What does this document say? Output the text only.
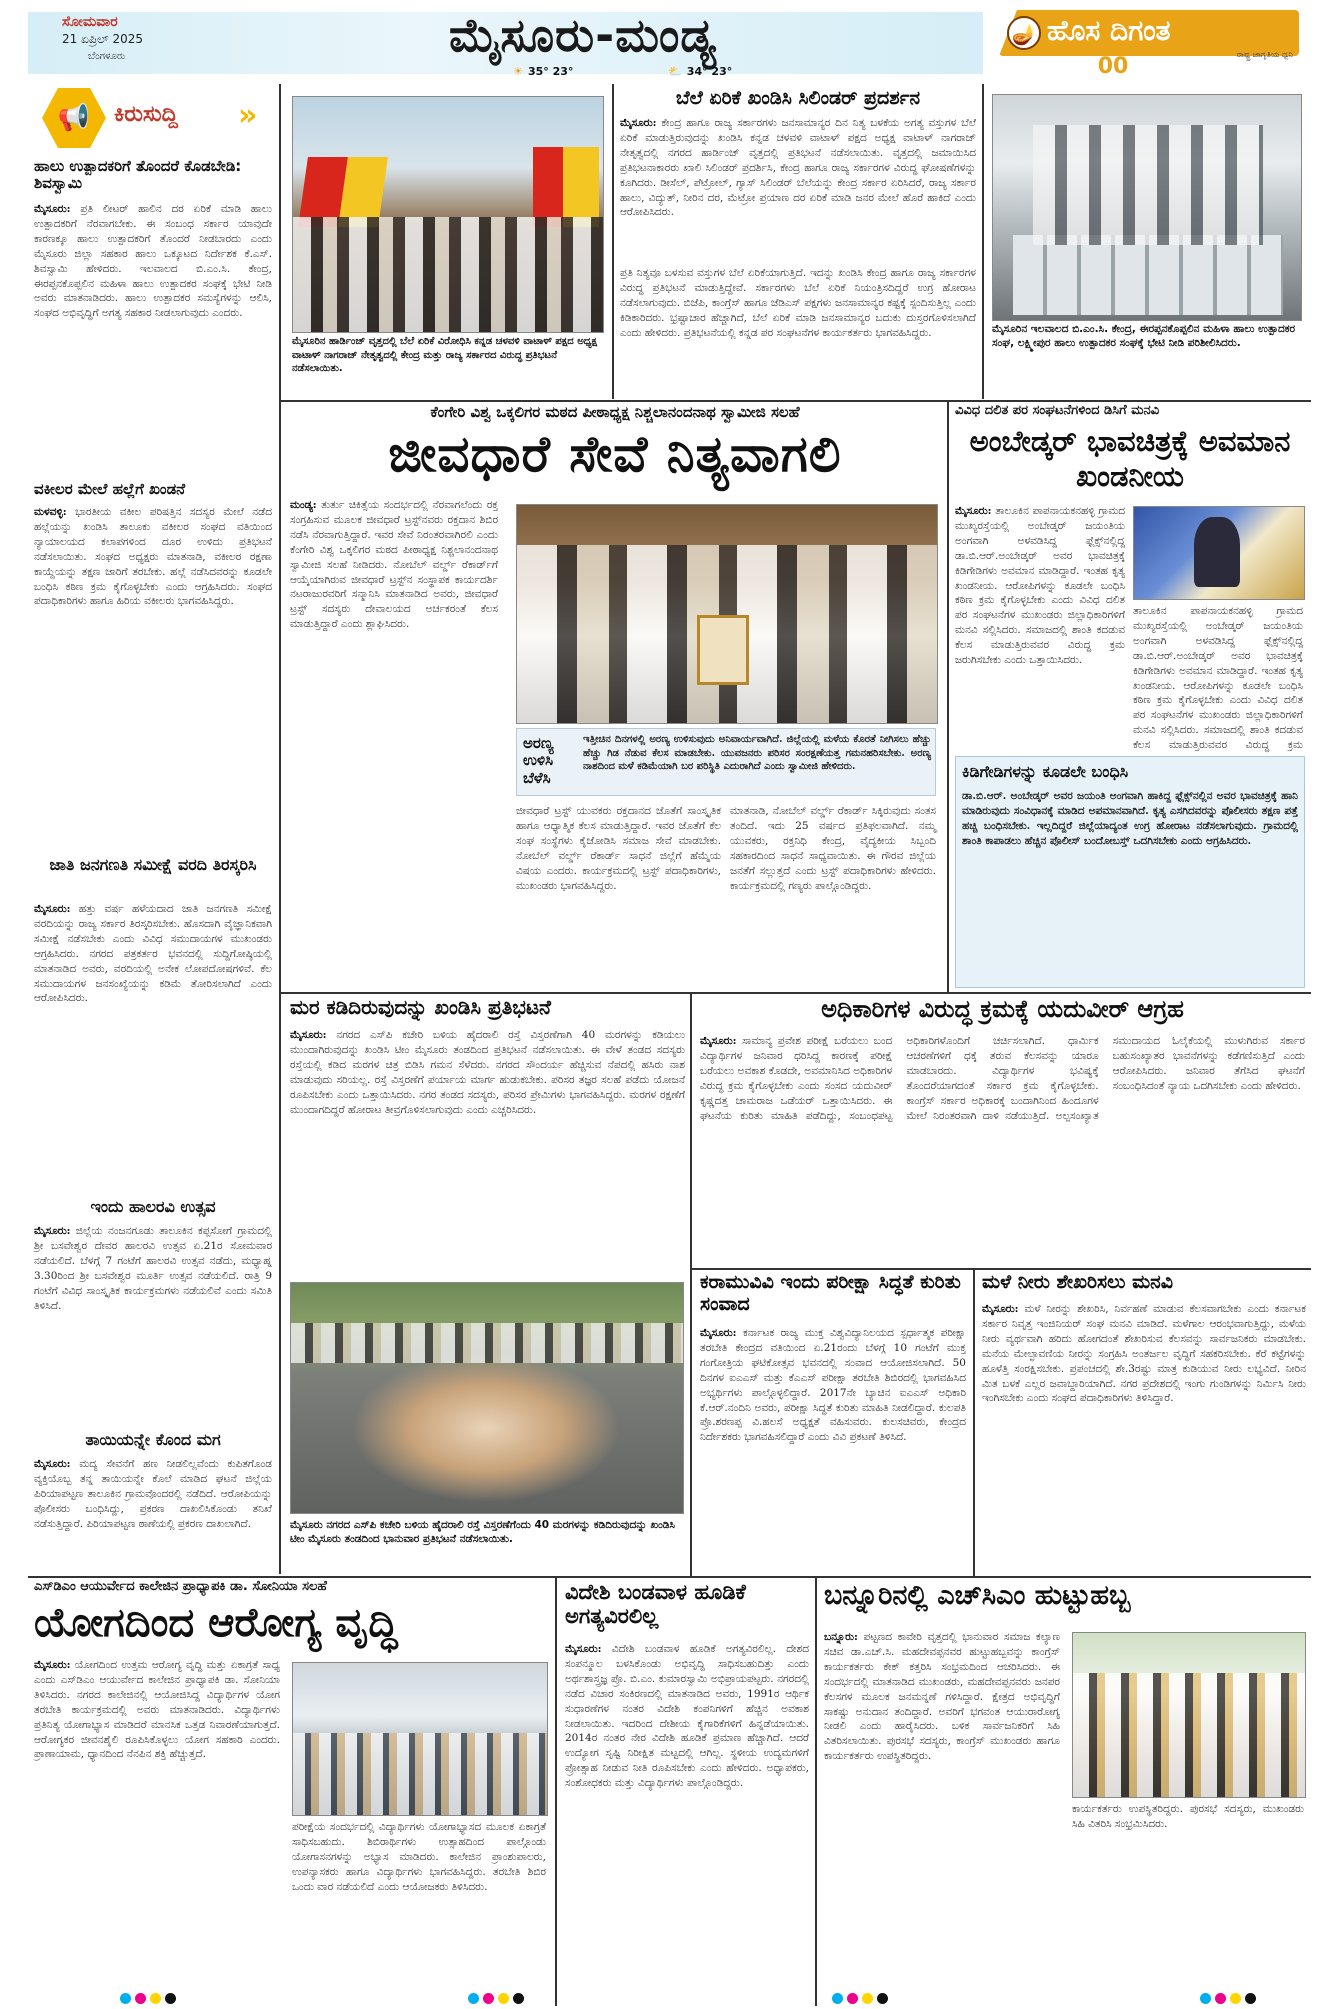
ಸೋಮವಾರ
21 ಏಪ್ರಿಲ್ 2025
ಬೆಂಗಳೂರು	ಮೈಸೂರು-ಮಂಡ್ಯ
☀ 35° 23°	⛅ 34° 23°
🪔 ಹೊಸ ದಿಗಂತ
ರಾಷ್ಟ್ರ ಜಾಗೃತಿಯ ಧ್ವನಿ
00
📢 ಕಿರುಸುದ್ದಿ	»
ಹಾಲು ಉತ್ಪಾದಕರಿಗೆ ತೊಂದರೆ ಕೊಡಬೇಡಿ: ಶಿವಸ್ವಾಮಿ
ಮೈಸೂರು: ಪ್ರತಿ ಲೀಟರ್ ಹಾಲಿನ ದರ ಏರಿಕೆ ಮಾಡಿ ಹಾಲು ಉತ್ಪಾದಕರಿಗೆ ನೆರವಾಗಬೇಕು. ಈ ಸಂಬಂಧ ಸರ್ಕಾರ ಯಾವುದೇ ಕಾರಣಕ್ಕೂ ಹಾಲು ಉತ್ಪಾದಕರಿಗೆ ತೊಂದರೆ ನೀಡಬಾರದು ಎಂದು ಮೈಸೂರು ಜಿಲ್ಲಾ ಸಹಕಾರ ಹಾಲು ಒಕ್ಕೂಟದ ನಿರ್ದೇಶಕ ಕೆ.ಎಸ್. ಶಿವಸ್ವಾಮಿ ಹೇಳಿದರು. ಇಲವಾಲದ ಬಿ.ಎಂ.ಸಿ. ಕೇಂದ್ರ, ಈರಪ್ಪನಕೊಪ್ಪಲಿನ ಮಹಿಳಾ ಹಾಲು ಉತ್ಪಾದಕರ ಸಂಘಕ್ಕೆ ಭೇಟಿ ನೀಡಿ ಅವರು ಮಾತನಾಡಿದರು. ಹಾಲು ಉತ್ಪಾದಕರ ಸಮಸ್ಯೆಗಳನ್ನು ಆಲಿಸಿ, ಸಂಘದ ಅಭಿವೃದ್ಧಿಗೆ ಅಗತ್ಯ ಸಹಕಾರ ನೀಡಲಾಗುವುದು ಎಂದರು.
ವಕೀಲರ ಮೇಲೆ ಹಲ್ಲೆಗೆ ಖಂಡನೆ
ಮಳವಳ್ಳಿ: ಭಾರತೀಯ ವಕೀಲ ಪರಿಷತ್ತಿನ ಸದಸ್ಯರ ಮೇಲೆ ನಡೆದ ಹಲ್ಲೆಯನ್ನು ಖಂಡಿಸಿ ತಾಲೂಕು ವಕೀಲರ ಸಂಘದ ವತಿಯಿಂದ ನ್ಯಾಯಾಲಯದ ಕಲಾಪಗಳಿಂದ ದೂರ ಉಳಿದು ಪ್ರತಿಭಟನೆ ನಡೆಸಲಾಯಿತು. ಸಂಘದ ಅಧ್ಯಕ್ಷರು ಮಾತನಾಡಿ, ವಕೀಲರ ರಕ್ಷಣಾ ಕಾಯ್ದೆಯನ್ನು ತಕ್ಷಣ ಜಾರಿಗೆ ತರಬೇಕು. ಹಲ್ಲೆ ನಡೆಸಿದವರನ್ನು ಕೂಡಲೇ ಬಂಧಿಸಿ ಕಠಿಣ ಕ್ರಮ ಕೈಗೊಳ್ಳಬೇಕು ಎಂದು ಆಗ್ರಹಿಸಿದರು. ಸಂಘದ ಪದಾಧಿಕಾರಿಗಳು ಹಾಗೂ ಹಿರಿಯ ವಕೀಲರು ಭಾಗವಹಿಸಿದ್ದರು.
ಜಾತಿ ಜನಗಣತಿ ಸಮೀಕ್ಷೆ ವರದಿ ತಿರಸ್ಕರಿಸಿ
ಮೈಸೂರು: ಹತ್ತು ವರ್ಷ ಹಳೆಯದಾದ ಜಾತಿ ಜನಗಣತಿ ಸಮೀಕ್ಷೆ ವರದಿಯನ್ನು ರಾಜ್ಯ ಸರ್ಕಾರ ತಿರಸ್ಕರಿಸಬೇಕು. ಹೊಸದಾಗಿ ವೈಜ್ಞಾನಿಕವಾಗಿ ಸಮೀಕ್ಷೆ ನಡೆಸಬೇಕು ಎಂದು ವಿವಿಧ ಸಮುದಾಯಗಳ ಮುಖಂಡರು ಆಗ್ರಹಿಸಿದರು. ನಗರದ ಪತ್ರಕರ್ತರ ಭವನದಲ್ಲಿ ಸುದ್ದಿಗೋಷ್ಠಿಯಲ್ಲಿ ಮಾತನಾಡಿದ ಅವರು, ವರದಿಯಲ್ಲಿ ಅನೇಕ ಲೋಪದೋಷಗಳಿವೆ. ಕೆಲ ಸಮುದಾಯಗಳ ಜನಸಂಖ್ಯೆಯನ್ನು ಕಡಿಮೆ ತೋರಿಸಲಾಗಿದೆ ಎಂದು ಆರೋಪಿಸಿದರು.
ಇಂದು ಹಾಲರವಿ ಉತ್ಸವ
ಮೈಸೂರು: ಜಿಲ್ಲೆಯ ನಂಜನಗೂಡು ತಾಲೂಕಿನ ಕಪ್ಪಸೋಗೆ ಗ್ರಾಮದಲ್ಲಿ ಶ್ರೀ ಬಸವೇಶ್ವರ ದೇವರ ಹಾಲರವಿ ಉತ್ಸವ ಏ.21ರ ಸೋಮವಾರ ನಡೆಯಲಿದೆ. ಬೆಳಗ್ಗೆ 7 ಗಂಟೆಗೆ ಹಾಲರವಿ ಉತ್ಸವ ನಡೆದು, ಮಧ್ಯಾಹ್ನ 3.30ರಿಂದ ಶ್ರೀ ಬಸವೇಶ್ವರ ಮೂರ್ತಿ ಉತ್ಸವ ನಡೆಯಲಿದೆ. ರಾತ್ರಿ 9 ಗಂಟೆಗೆ ವಿವಿಧ ಸಾಂಸ್ಕೃತಿಕ ಕಾರ್ಯಕ್ರಮಗಳು ನಡೆಯಲಿವೆ ಎಂದು ಸಮಿತಿ ತಿಳಿಸಿದೆ.
ತಾಯಿಯನ್ನೇ ಕೊಂದ ಮಗ
ಮೈಸೂರು: ಮದ್ಯ ಸೇವನೆಗೆ ಹಣ ನೀಡಲಿಲ್ಲವೆಂದು ಕುಪಿತಗೊಂಡ ವ್ಯಕ್ತಿಯೊಬ್ಬ ತನ್ನ ತಾಯಿಯನ್ನೇ ಕೊಲೆ ಮಾಡಿದ ಘಟನೆ ಜಿಲ್ಲೆಯ ಪಿರಿಯಾಪಟ್ಟಣ ತಾಲೂಕಿನ ಗ್ರಾಮವೊಂದರಲ್ಲಿ ನಡೆದಿದೆ. ಆರೋಪಿಯನ್ನು ಪೊಲೀಸರು ಬಂಧಿಸಿದ್ದು, ಪ್ರಕರಣ ದಾಖಲಿಸಿಕೊಂಡು ತನಿಖೆ ನಡೆಸುತ್ತಿದ್ದಾರೆ. ಪಿರಿಯಾಪಟ್ಟಣ ಠಾಣೆಯಲ್ಲಿ ಪ್ರಕರಣ ದಾಖಲಾಗಿದೆ.
ಮೈಸೂರಿನ ಹಾರ್ಡಿಂಜ್ ವೃತ್ತದಲ್ಲಿ ಬೆಲೆ ಏರಿಕೆ ವಿರೋಧಿಸಿ ಕನ್ನಡ ಚಳವಳಿ ವಾಟಾಳ್ ಪಕ್ಷದ ಅಧ್ಯಕ್ಷ ವಾಟಾಳ್ ನಾಗರಾಜ್ ನೇತೃತ್ವದಲ್ಲಿ ಕೇಂದ್ರ ಮತ್ತು ರಾಜ್ಯ ಸರ್ಕಾರದ ವಿರುದ್ಧ ಪ್ರತಿಭಟನೆ ನಡೆಸಲಾಯಿತು.
ಬೆಲೆ ಏರಿಕೆ ಖಂಡಿಸಿ ಸಿಲಿಂಡರ್ ಪ್ರದರ್ಶನ
ಮೈಸೂರು: ಕೇಂದ್ರ ಹಾಗೂ ರಾಜ್ಯ ಸರ್ಕಾರಗಳು ಜನಸಾಮಾನ್ಯರ ದಿನ ನಿತ್ಯ ಬಳಕೆಯ ಅಗತ್ಯ ವಸ್ತುಗಳ ಬೆಲೆ ಏರಿಕೆ ಮಾಡುತ್ತಿರುವುದನ್ನು ಖಂಡಿಸಿ ಕನ್ನಡ ಚಳವಳಿ ವಾಟಾಳ್ ಪಕ್ಷದ ಅಧ್ಯಕ್ಷ ವಾಟಾಳ್ ನಾಗರಾಜ್ ನೇತೃತ್ವದಲ್ಲಿ ನಗರದ ಹಾರ್ಡಿಂಜ್ ವೃತ್ತದಲ್ಲಿ ಪ್ರತಿಭಟನೆ ನಡೆಸಲಾಯಿತು. ವೃತ್ತದಲ್ಲಿ ಜಮಾಯಿಸಿದ ಪ್ರತಿಭಟನಾಕಾರರು ಖಾಲಿ ಸಿಲಿಂಡರ್ ಪ್ರದರ್ಶಿಸಿ, ಕೇಂದ್ರ ಹಾಗೂ ರಾಜ್ಯ ಸರ್ಕಾರಗಳ ವಿರುದ್ಧ ಘೋಷಣೆಗಳನ್ನು ಕೂಗಿದರು. ಡೀಸೆಲ್, ಪೆಟ್ರೋಲ್, ಗ್ಯಾಸ್ ಸಿಲಿಂಡರ್ ಬೆಲೆಯನ್ನು ಕೇಂದ್ರ ಸರ್ಕಾರ ಏರಿಸಿದರೆ, ರಾಜ್ಯ ಸರ್ಕಾರ ಹಾಲು, ವಿದ್ಯುತ್, ನೀರಿನ ದರ, ಮೆಟ್ರೋ ಪ್ರಯಾಣ ದರ ಏರಿಕೆ ಮಾಡಿ ಜನರ ಮೇಲೆ ಹೊರೆ ಹಾಕಿದೆ ಎಂದು ಆರೋಪಿಸಿದರು.
ಪ್ರತಿ ನಿತ್ಯವೂ ಬಳಸುವ ವಸ್ತುಗಳ ಬೆಲೆ ಏರಿಕೆಯಾಗುತ್ತಿದೆ. ಇದನ್ನು ಖಂಡಿಸಿ ಕೇಂದ್ರ ಹಾಗೂ ರಾಜ್ಯ ಸರ್ಕಾರಗಳ ವಿರುದ್ಧ ಪ್ರತಿಭಟನೆ ಮಾಡುತ್ತಿದ್ದೇವೆ. ಸರ್ಕಾರಗಳು ಬೆಲೆ ಏರಿಕೆ ನಿಯಂತ್ರಿಸದಿದ್ದರೆ ಉಗ್ರ ಹೋರಾಟ ನಡೆಸಲಾಗುವುದು. ಬಿಜೆಪಿ, ಕಾಂಗ್ರೆಸ್ ಹಾಗೂ ಜೆಡಿಎಸ್ ಪಕ್ಷಗಳು ಜನಸಾಮಾನ್ಯರ ಕಷ್ಟಕ್ಕೆ ಸ್ಪಂದಿಸುತ್ತಿಲ್ಲ ಎಂದು ಕಿಡಿಕಾರಿದರು. ಭ್ರಷ್ಟಾಚಾರ ಹೆಚ್ಚಾಗಿದೆ, ಬೆಲೆ ಏರಿಕೆ ಮಾಡಿ ಜನಸಾಮಾನ್ಯರ ಬದುಕು ದುಸ್ತರಗೊಳಿಸಲಾಗಿದೆ ಎಂದು ಹೇಳಿದರು. ಪ್ರತಿಭಟನೆಯಲ್ಲಿ ಕನ್ನಡ ಪರ ಸಂಘಟನೆಗಳ ಕಾರ್ಯಕರ್ತರು ಭಾಗವಹಿಸಿದ್ದರು.	ಮೈಸೂರಿನ ಇಲವಾಲದ ಬಿ.ಎಂ.ಸಿ. ಕೇಂದ್ರ, ಈರಪ್ಪನಕೊಪ್ಪಲಿನ ಮಹಿಳಾ ಹಾಲು ಉತ್ಪಾದಕರ ಸಂಘ, ಲಕ್ಷ್ಮೀಪುರ ಹಾಲು ಉತ್ಪಾದಕರ ಸಂಘಕ್ಕೆ ಭೇಟಿ ನೀಡಿ ಪರಿಶೀಲಿಸಿದರು.
ಕೆಂಗೇರಿ ವಿಶ್ವ ಒಕ್ಕಲಿಗರ ಮಠದ ಪೀಠಾಧ್ಯಕ್ಷ ನಿಶ್ಚಲಾನಂದನಾಥ ಸ್ವಾಮೀಜಿ ಸಲಹೆ
ಜೀವಧಾರೆ ಸೇವೆ ನಿತ್ಯವಾಗಲಿ
ಮಂಡ್ಯ: ತುರ್ತು ಚಿಕಿತ್ಸೆಯ ಸಂದರ್ಭದಲ್ಲಿ ನೆರವಾಗಲೆಂದು ರಕ್ತ ಸಂಗ್ರಹಿಸುವ ಮೂಲಕ ಜೀವಧಾರೆ ಟ್ರಸ್ಟ್‌ನವರು ರಕ್ತದಾನ ಶಿಬಿರ ನಡೆಸಿ ನೆರವಾಗುತ್ತಿದ್ದಾರೆ. ಇವರ ಸೇವೆ ನಿರಂತರವಾಗಿರಲಿ ಎಂದು ಕೆಂಗೇರಿ ವಿಶ್ವ ಒಕ್ಕಲಿಗರ ಮಠದ ಪೀಠಾಧ್ಯಕ್ಷ ನಿಶ್ಚಲಾನಂದನಾಥ ಸ್ವಾಮೀಜಿ ಸಲಹೆ ನೀಡಿದರು. ನೋಬೆಲ್ ವರ್ಲ್ಡ್ ರೆಕಾರ್ಡ್‌ಗೆ ಆಯ್ಕೆಯಾಗಿರುವ ಜೀವಧಾರೆ ಟ್ರಸ್ಟ್‌ನ ಸಂಸ್ಥಾಪಕ ಕಾರ್ಯದರ್ಶಿ ನಟರಾಜುರವರಿಗೆ ಸನ್ಮಾನಿಸಿ ಮಾತನಾಡಿದ ಅವರು, ಜೀವಧಾರೆ ಟ್ರಸ್ಟ್ ಸದಸ್ಯರು ದೇವಾಲಯದ ಅರ್ಚಕರಂತೆ ಕೆಲಸ ಮಾಡುತ್ತಿದ್ದಾರೆ ಎಂದು ಶ್ಲಾಘಿಸಿದರು.
ಅರಣ್ಯ ಉಳಿಸಿ ಬೆಳೆಸಿ
ಇತ್ತೀಚಿನ ದಿನಗಳಲ್ಲಿ ಅರಣ್ಯ ಉಳಿಸುವುದು ಅನಿವಾರ್ಯವಾಗಿದೆ. ಜಿಲ್ಲೆಯಲ್ಲಿ ಮಳೆಯ ಕೊರತೆ ನೀಗಿಸಲು ಹೆಚ್ಚು ಹೆಚ್ಚು ಗಿಡ ನೆಡುವ ಕೆಲಸ ಮಾಡಬೇಕು. ಯುವಜನರು ಪರಿಸರ ಸಂರಕ್ಷಣೆಯತ್ತ ಗಮನಹರಿಸಬೇಕು. ಅರಣ್ಯ ನಾಶದಿಂದ ಮಳೆ ಕಡಿಮೆಯಾಗಿ ಬರ ಪರಿಸ್ಥಿತಿ ಎದುರಾಗಿದೆ ಎಂದು ಸ್ವಾಮೀಜಿ ಹೇಳಿದರು.
ಜೀವಧಾರೆ ಟ್ರಸ್ಟ್ ಯುವಕರು ರಕ್ತದಾನದ ಜೊತೆಗೆ ಸಾಂಸ್ಕೃತಿಕ ಹಾಗೂ ಆಧ್ಯಾತ್ಮಿಕ ಕೆಲಸ ಮಾಡುತ್ತಿದ್ದಾರೆ. ಇವರ ಜೊತೆಗೆ ಕೆಲ ಸಂಘ ಸಂಸ್ಥೆಗಳು ಕೈಜೋಡಿಸಿ ಸಮಾಜ ಸೇವೆ ಮಾಡಬೇಕು. ನೋಬೆಲ್ ವರ್ಲ್ಡ್ ರೆಕಾರ್ಡ್ ಸಾಧನೆ ಜಿಲ್ಲೆಗೆ ಹೆಮ್ಮೆಯ ವಿಷಯ ಎಂದರು. ಕಾರ್ಯಕ್ರಮದಲ್ಲಿ ಟ್ರಸ್ಟ್ ಪದಾಧಿಕಾರಿಗಳು, ಮುಖಂಡರು ಭಾಗವಹಿಸಿದ್ದರು.
ಮಾತನಾಡಿ, ನೋಬೆಲ್ ವರ್ಲ್ಡ್ ರೆಕಾರ್ಡ್ ಸಿಕ್ಕಿರುವುದು ಸಂತಸ ತಂದಿದೆ. ಇದು 25 ವರ್ಷದ ಪ್ರತಿಫಲವಾಗಿದೆ. ನಮ್ಮ ಯುವಕರು, ರಕ್ತನಿಧಿ ಕೇಂದ್ರ, ವೈದ್ಯಕೀಯ ಸಿಬ್ಬಂದಿ ಸಹಕಾರದಿಂದ ಸಾಧನೆ ಸಾಧ್ಯವಾಯಿತು. ಈ ಗೌರವ ಜಿಲ್ಲೆಯ ಜನತೆಗೆ ಸಲ್ಲುತ್ತದೆ ಎಂದು ಟ್ರಸ್ಟ್ ಪದಾಧಿಕಾರಿಗಳು ಹೇಳಿದರು. ಕಾರ್ಯಕ್ರಮದಲ್ಲಿ ಗಣ್ಯರು ಪಾಲ್ಗೊಂಡಿದ್ದರು.
ವಿವಿಧ ದಲಿತ ಪರ ಸಂಘಟನೆಗಳಿಂದ ಡಿಸಿಗೆ ಮನವಿ
ಅಂಬೇಡ್ಕರ್ ಭಾವಚಿತ್ರಕ್ಕೆ ಅವಮಾನ ಖಂಡನೀಯ
ಮೈಸೂರು: ತಾಲೂಕಿನ ಪಾಪನಾಯಕನಹಳ್ಳಿ ಗ್ರಾಮದ ಮುಖ್ಯರಸ್ತೆಯಲ್ಲಿ ಅಂಬೇಡ್ಕರ್ ಜಯಂತಿಯ ಅಂಗವಾಗಿ ಅಳವಡಿಸಿದ್ದ ಫ್ಲೆಕ್ಸ್‌ನಲ್ಲಿದ್ದ ಡಾ.ಬಿ.ಆರ್.ಅಂಬೇಡ್ಕರ್ ಅವರ ಭಾವಚಿತ್ರಕ್ಕೆ ಕಿಡಿಗೇಡಿಗಳು ಅವಮಾನ ಮಾಡಿದ್ದಾರೆ. ಇಂತಹ ಕೃತ್ಯ ಖಂಡನೀಯ. ಆರೋಪಿಗಳನ್ನು ಕೂಡಲೇ ಬಂಧಿಸಿ ಕಠಿಣ ಕ್ರಮ ಕೈಗೊಳ್ಳಬೇಕು ಎಂದು ವಿವಿಧ ದಲಿತ ಪರ ಸಂಘಟನೆಗಳ ಮುಖಂಡರು ಜಿಲ್ಲಾಧಿಕಾರಿಗಳಿಗೆ ಮನವಿ ಸಲ್ಲಿಸಿದರು. ಸಮಾಜದಲ್ಲಿ ಶಾಂತಿ ಕದಡುವ ಕೆಲಸ ಮಾಡುತ್ತಿರುವವರ ವಿರುದ್ಧ ಕ್ರಮ ಜರುಗಿಸಬೇಕು ಎಂದು ಒತ್ತಾಯಿಸಿದರು.
ತಾಲೂಕಿನ ಪಾಪನಾಯಕನಹಳ್ಳಿ ಗ್ರಾಮದ ಮುಖ್ಯರಸ್ತೆಯಲ್ಲಿ ಅಂಬೇಡ್ಕರ್ ಜಯಂತಿಯ ಅಂಗವಾಗಿ ಅಳವಡಿಸಿದ್ದ ಫ್ಲೆಕ್ಸ್‌ನಲ್ಲಿದ್ದ ಡಾ.ಬಿ.ಆರ್.ಅಂಬೇಡ್ಕರ್ ಅವರ ಭಾವಚಿತ್ರಕ್ಕೆ ಕಿಡಿಗೇಡಿಗಳು ಅವಮಾನ ಮಾಡಿದ್ದಾರೆ. ಇಂತಹ ಕೃತ್ಯ ಖಂಡನೀಯ. ಆರೋಪಿಗಳನ್ನು ಕೂಡಲೇ ಬಂಧಿಸಿ ಕಠಿಣ ಕ್ರಮ ಕೈಗೊಳ್ಳಬೇಕು ಎಂದು ವಿವಿಧ ದಲಿತ ಪರ ಸಂಘಟನೆಗಳ ಮುಖಂಡರು ಜಿಲ್ಲಾಧಿಕಾರಿಗಳಿಗೆ ಮನವಿ ಸಲ್ಲಿಸಿದರು. ಸಮಾಜದಲ್ಲಿ ಶಾಂತಿ ಕದಡುವ ಕೆಲಸ ಮಾಡುತ್ತಿರುವವರ ವಿರುದ್ಧ ಕ್ರಮ
ಕಿಡಿಗೇಡಿಗಳನ್ನು ಕೂಡಲೇ ಬಂಧಿಸಿ
ಡಾ.ಬಿ.ಆರ್. ಅಂಬೇಡ್ಕರ್ ಅವರ ಜಯಂತಿ ಅಂಗವಾಗಿ ಹಾಕಿದ್ದ ಫ್ಲೆಕ್ಸ್‌ನಲ್ಲಿನ ಅವರ ಭಾವಚಿತ್ರಕ್ಕೆ ಹಾನಿ ಮಾಡಿರುವುದು ಸಂವಿಧಾನಕ್ಕೆ ಮಾಡಿದ ಅಪಮಾನವಾಗಿದೆ. ಕೃತ್ಯ ಎಸಗಿದವರನ್ನು ಪೊಲೀಸರು ತಕ್ಷಣ ಪತ್ತೆ ಹಚ್ಚಿ ಬಂಧಿಸಬೇಕು. ಇಲ್ಲದಿದ್ದರೆ ಜಿಲ್ಲೆಯಾದ್ಯಂತ ಉಗ್ರ ಹೋರಾಟ ನಡೆಸಲಾಗುವುದು. ಗ್ರಾಮದಲ್ಲಿ ಶಾಂತಿ ಕಾಪಾಡಲು ಹೆಚ್ಚಿನ ಪೊಲೀಸ್ ಬಂದೋಬಸ್ತ್ ಒದಗಿಸಬೇಕು ಎಂದು ಆಗ್ರಹಿಸಿದರು.
ಮರ ಕಡಿದಿರುವುದನ್ನು ಖಂಡಿಸಿ ಪ್ರತಿಭಟನೆ
ಮೈಸೂರು: ನಗರದ ಎಸ್‌ಪಿ ಕಚೇರಿ ಬಳಿಯ ಹೈದರಾಲಿ ರಸ್ತೆ ವಿಸ್ತರಣೆಗಾಗಿ 40 ಮರಗಳನ್ನು ಕಡಿಯಲು ಮುಂದಾಗಿರುವುದನ್ನು ಖಂಡಿಸಿ ಟೀಂ ಮೈಸೂರು ತಂಡದಿಂದ ಪ್ರತಿಭಟನೆ ನಡೆಸಲಾಯಿತು. ಈ ವೇಳೆ ತಂಡದ ಸದಸ್ಯರು ರಸ್ತೆಯಲ್ಲಿ ಕಡಿದ ಮರಗಳ ಚಿತ್ರ ಬಿಡಿಸಿ ಗಮನ ಸೆಳೆದರು. ನಗರದ ಸೌಂದರ್ಯ ಹೆಚ್ಚಿಸುವ ನೆಪದಲ್ಲಿ ಹಸಿರು ನಾಶ ಮಾಡುವುದು ಸರಿಯಲ್ಲ. ರಸ್ತೆ ವಿಸ್ತರಣೆಗೆ ಪರ್ಯಾಯ ಮಾರ್ಗ ಹುಡುಕಬೇಕು. ಪರಿಸರ ತಜ್ಞರ ಸಲಹೆ ಪಡೆದು ಯೋಜನೆ ರೂಪಿಸಬೇಕು ಎಂದು ಒತ್ತಾಯಿಸಿದರು. ನಗರ ತಂಡದ ಸದಸ್ಯರು, ಪರಿಸರ ಪ್ರೇಮಿಗಳು ಭಾಗವಹಿಸಿದ್ದರು. ಮರಗಳ ರಕ್ಷಣೆಗೆ ಮುಂದಾಗದಿದ್ದರೆ ಹೋರಾಟ ತೀವ್ರಗೊಳಿಸಲಾಗುವುದು ಎಂದು ಎಚ್ಚರಿಸಿದರು.
ಮೈಸೂರು ನಗರದ ಎಸ್‌ಪಿ ಕಚೇರಿ ಬಳಿಯ ಹೈದರಾಲಿ ರಸ್ತೆ ವಿಸ್ತರಣೆಗೆಂದು 40 ಮರಗಳನ್ನು ಕಡಿದಿರುವುದನ್ನು ಖಂಡಿಸಿ ಟೀಂ ಮೈಸೂರು ತಂಡದಿಂದ ಭಾನುವಾರ ಪ್ರತಿಭಟನೆ ನಡೆಸಲಾಯಿತು.
ಅಧಿಕಾರಿಗಳ ವಿರುದ್ಧ ಕ್ರಮಕ್ಕೆ ಯದುವೀರ್ ಆಗ್ರಹ
ಮೈಸೂರು: ಸಾಮಾನ್ಯ ಪ್ರವೇಶ ಪರೀಕ್ಷೆ ಬರೆಯಲು ಬಂದ ವಿದ್ಯಾರ್ಥಿಗಳ ಜನಿವಾರ ಧರಿಸಿದ್ದ ಕಾರಣಕ್ಕೆ ಪರೀಕ್ಷೆ ಬರೆಯಲು ಅವಕಾಶ ಕೊಡದೇ, ಅವಮಾನಿಸಿದ ಅಧಿಕಾರಿಗಳ ವಿರುದ್ಧ ಕ್ರಮ ಕೈಗೊಳ್ಳಬೇಕು ಎಂದು ಸಂಸದ ಯದುವೀರ್ ಕೃಷ್ಣದತ್ತ ಚಾಮರಾಜ ಒಡೆಯರ್ ಒತ್ತಾಯಿಸಿದರು. ಈ ಘಟನೆಯ ಕುರಿತು ಮಾಹಿತಿ ಪಡೆದಿದ್ದು, ಸಂಬಂಧಪಟ್ಟ ಅಧಿಕಾರಿಗಳೊಂದಿಗೆ ಚರ್ಚಿಸಲಾಗಿದೆ. ಧಾರ್ಮಿಕ ಆಚರಣೆಗಳಿಗೆ ಧಕ್ಕೆ ತರುವ ಕೆಲಸವನ್ನು ಯಾರೂ ಮಾಡಬಾರದು. ವಿದ್ಯಾರ್ಥಿಗಳ ಭವಿಷ್ಯಕ್ಕೆ ತೊಂದರೆಯಾಗದಂತೆ ಸರ್ಕಾರ ಕ್ರಮ ಕೈಗೊಳ್ಳಬೇಕು. ಕಾಂಗ್ರೆಸ್ ಸರ್ಕಾರ ಅಧಿಕಾರಕ್ಕೆ ಬಂದಾಗಿನಿಂದ ಹಿಂದೂಗಳ ಮೇಲೆ ನಿರಂತರವಾಗಿ ದಾಳಿ ನಡೆಯುತ್ತಿದೆ. ಅಲ್ಪಸಂಖ್ಯಾತ ಸಮುದಾಯದ ಓಲೈಕೆಯಲ್ಲಿ ಮುಳುಗಿರುವ ಸರ್ಕಾರ ಬಹುಸಂಖ್ಯಾತರ ಭಾವನೆಗಳನ್ನು ಕಡೆಗಣಿಸುತ್ತಿದೆ ಎಂದು ಆರೋಪಿಸಿದರು. ಜನಿವಾರ ತೆಗೆಸಿದ ಘಟನೆಗೆ ಸಂಬಂಧಿಸಿದಂತೆ ನ್ಯಾಯ ಒದಗಿಸಬೇಕು ಎಂದು ಹೇಳಿದರು.
ಕರಾಮುವಿವಿ ಇಂದು ಪರೀಕ್ಷಾ ಸಿದ್ಧತೆ ಕುರಿತು ಸಂವಾದ
ಮೈಸೂರು: ಕರ್ನಾಟಕ ರಾಜ್ಯ ಮುಕ್ತ ವಿಶ್ವವಿದ್ಯಾನಿಲಯದ ಸ್ಪರ್ಧಾತ್ಮಕ ಪರೀಕ್ಷಾ ತರಬೇತಿ ಕೇಂದ್ರದ ವತಿಯಿಂದ ಏ.21ರಂದು ಬೆಳಗ್ಗೆ 10 ಗಂಟೆಗೆ ಮುಕ್ತ ಗಂಗೋತ್ರಿಯ ಘಟಿಕೋತ್ಸವ ಭವನದಲ್ಲಿ ಸಂವಾದ ಆಯೋಜಿಸಲಾಗಿದೆ. 50 ದಿನಗಳ ಐಎಎಸ್ ಮತ್ತು ಕೆಎಎಸ್ ಪರೀಕ್ಷಾ ತರಬೇತಿ ಶಿಬಿರದಲ್ಲಿ ಭಾಗವಹಿಸಿದ ಅಭ್ಯರ್ಥಿಗಳು ಪಾಲ್ಗೊಳ್ಳಲಿದ್ದಾರೆ. 2017ನೇ ಬ್ಯಾಚಿನ ಐಎಎಸ್ ಅಧಿಕಾರಿ ಕೆ.ಆರ್.ನಂದಿನಿ ಅವರು, ಪರೀಕ್ಷಾ ಸಿದ್ಧತೆ ಕುರಿತು ಮಾಹಿತಿ ನೀಡಲಿದ್ದಾರೆ. ಕುಲಪತಿ ಪ್ರೊ.ಶರಣಪ್ಪ ವಿ.ಹಲಸೆ ಅಧ್ಯಕ್ಷತೆ ವಹಿಸುವರು. ಕುಲಸಚಿವರು, ಕೇಂದ್ರದ ನಿರ್ದೇಶಕರು ಭಾಗವಹಿಸಲಿದ್ದಾರೆ ಎಂದು ವಿವಿ ಪ್ರಕಟಣೆ ತಿಳಿಸಿದೆ.
ಮಳೆ ನೀರು ಶೇಖರಿಸಲು ಮನವಿ
ಮೈಸೂರು: ಮಳೆ ನೀರನ್ನು ಶೇಖರಿಸಿ, ನಿರ್ವಹಣೆ ಮಾಡುವ ಕೆಲಸವಾಗಬೇಕು ಎಂದು ಕರ್ನಾಟಕ ಸರ್ಕಾರ ನಿವೃತ್ತ ಇಂಜಿನಿಯರ್ ಸಂಘ ಮನವಿ ಮಾಡಿದೆ. ಮಳೆಗಾಲ ಆರಂಭವಾಗುತ್ತಿದ್ದು, ಮಳೆಯ ನೀರು ವ್ಯರ್ಥವಾಗಿ ಹರಿದು ಹೋಗದಂತೆ ಶೇಖರಿಸುವ ಕೆಲಸವನ್ನು ಸಾರ್ವಜನಿಕರು ಮಾಡಬೇಕು. ಮನೆಯ ಮೇಲ್ಛಾವಣಿಯ ನೀರನ್ನು ಸಂಗ್ರಹಿಸಿ ಅಂತರ್ಜಲ ವೃದ್ಧಿಗೆ ಸಹಕರಿಸಬೇಕು. ಕೆರೆ ಕಟ್ಟೆಗಳನ್ನು ಹೂಳೆತ್ತಿ ಸಂರಕ್ಷಿಸಬೇಕು. ಪ್ರಪಂಚದಲ್ಲಿ ಶೇ.3ರಷ್ಟು ಮಾತ್ರ ಕುಡಿಯುವ ನೀರು ಲಭ್ಯವಿದೆ. ನೀರಿನ ಮಿತ ಬಳಕೆ ಎಲ್ಲರ ಜವಾಬ್ದಾರಿಯಾಗಿದೆ. ನಗರ ಪ್ರದೇಶದಲ್ಲಿ ಇಂಗು ಗುಂಡಿಗಳನ್ನು ನಿರ್ಮಿಸಿ ನೀರು ಇಂಗಿಸಬೇಕು ಎಂದು ಸಂಘದ ಪದಾಧಿಕಾರಿಗಳು ತಿಳಿಸಿದ್ದಾರೆ.
ಎಸ್‌ಡಿಎಂ ಆಯುರ್ವೇದ ಕಾಲೇಜಿನ ಪ್ರಾಧ್ಯಾಪಕಿ ಡಾ. ಸೋನಿಯಾ ಸಲಹೆ
ಯೋಗದಿಂದ ಆರೋಗ್ಯ ವೃದ್ಧಿ
ಮೈಸೂರು: ಯೋಗದಿಂದ ಉತ್ತಮ ಆರೋಗ್ಯ ವೃದ್ಧಿ ಮತ್ತು ಏಕಾಗ್ರತೆ ಸಾಧ್ಯ ಎಂದು ಎಸ್‌ಡಿಎಂ ಆಯುರ್ವೇದ ಕಾಲೇಜಿನ ಪ್ರಾಧ್ಯಾಪಕಿ ಡಾ. ಸೋನಿಯಾ ತಿಳಿಸಿದರು. ನಗರದ ಕಾಲೇಜಿನಲ್ಲಿ ಆಯೋಜಿಸಿದ್ದ ವಿದ್ಯಾರ್ಥಿಗಳ ಯೋಗ ತರಬೇತಿ ಕಾರ್ಯಕ್ರಮದಲ್ಲಿ ಅವರು ಮಾತನಾಡಿದರು. ವಿದ್ಯಾರ್ಥಿಗಳು ಪ್ರತಿನಿತ್ಯ ಯೋಗಾಭ್ಯಾಸ ಮಾಡಿದರೆ ಮಾನಸಿಕ ಒತ್ತಡ ನಿವಾರಣೆಯಾಗುತ್ತದೆ. ಆರೋಗ್ಯಕರ ಜೀವನಶೈಲಿ ರೂಪಿಸಿಕೊಳ್ಳಲು ಯೋಗ ಸಹಕಾರಿ ಎಂದರು. ಪ್ರಾಣಾಯಾಮ, ಧ್ಯಾನದಿಂದ ನೆನಪಿನ ಶಕ್ತಿ ಹೆಚ್ಚುತ್ತದೆ.
ಪರೀಕ್ಷೆಯ ಸಂದರ್ಭದಲ್ಲಿ ವಿದ್ಯಾರ್ಥಿಗಳು ಯೋಗಾಭ್ಯಾಸದ ಮೂಲಕ ಏಕಾಗ್ರತೆ ಸಾಧಿಸಬಹುದು. ಶಿಬಿರಾರ್ಥಿಗಳು ಉತ್ಸಾಹದಿಂದ ಪಾಲ್ಗೊಂಡು ಯೋಗಾಸನಗಳನ್ನು ಅಭ್ಯಾಸ ಮಾಡಿದರು. ಕಾಲೇಜಿನ ಪ್ರಾಂಶುಪಾಲರು, ಉಪನ್ಯಾಸಕರು ಹಾಗೂ ವಿದ್ಯಾರ್ಥಿಗಳು ಭಾಗವಹಿಸಿದ್ದರು. ತರಬೇತಿ ಶಿಬಿರ ಒಂದು ವಾರ ನಡೆಯಲಿದೆ ಎಂದು ಆಯೋಜಕರು ತಿಳಿಸಿದರು.
ವಿದೇಶಿ ಬಂಡವಾಳ ಹೂಡಿಕೆ ಅಗತ್ಯವಿರಲಿಲ್ಲ
ಮೈಸೂರು: ವಿದೇಶಿ ಬಂಡವಾಳ ಹೂಡಿಕೆ ಅಗತ್ಯವಿರಲಿಲ್ಲ. ದೇಶದ ಸಂಪನ್ಮೂಲ ಬಳಸಿಕೊಂಡು ಅಭಿವೃದ್ಧಿ ಸಾಧಿಸಬಹುದಿತ್ತು ಎಂದು ಅರ್ಥಶಾಸ್ತ್ರಜ್ಞ ಪ್ರೊ. ಬಿ.ಎಂ. ಕುಮಾರಸ್ವಾಮಿ ಅಭಿಪ್ರಾಯಪಟ್ಟರು. ನಗರದಲ್ಲಿ ನಡೆದ ವಿಚಾರ ಸಂಕಿರಣದಲ್ಲಿ ಮಾತನಾಡಿದ ಅವರು, 1991ರ ಆರ್ಥಿಕ ಸುಧಾರಣೆಗಳ ನಂತರ ವಿದೇಶಿ ಕಂಪನಿಗಳಿಗೆ ಹೆಚ್ಚಿನ ಅವಕಾಶ ನೀಡಲಾಯಿತು. ಇದರಿಂದ ದೇಶೀಯ ಕೈಗಾರಿಕೆಗಳಿಗೆ ಹಿನ್ನಡೆಯಾಯಿತು. 2014ರ ನಂತರ ನೇರ ವಿದೇಶಿ ಹೂಡಿಕೆ ಪ್ರಮಾಣ ಹೆಚ್ಚಾಗಿದೆ. ಆದರೆ ಉದ್ಯೋಗ ಸೃಷ್ಟಿ ನಿರೀಕ್ಷಿತ ಮಟ್ಟದಲ್ಲಿ ಆಗಿಲ್ಲ. ಸ್ಥಳೀಯ ಉದ್ಯಮಗಳಿಗೆ ಪ್ರೋತ್ಸಾಹ ನೀಡುವ ನೀತಿ ರೂಪಿಸಬೇಕು ಎಂದು ಹೇಳಿದರು. ಅಧ್ಯಾಪಕರು, ಸಂಶೋಧಕರು ಮತ್ತು ವಿದ್ಯಾರ್ಥಿಗಳು ಪಾಲ್ಗೊಂಡಿದ್ದರು.
ಬನ್ನೂರಿನಲ್ಲಿ ಎಚ್‌ಸಿಎಂ ಹುಟ್ಟುಹಬ್ಬ
ಬನ್ನೂರು: ಪಟ್ಟಣದ ಕಾವೇರಿ ವೃತ್ತದಲ್ಲಿ ಭಾನುವಾರ ಸಮಾಜ ಕಲ್ಯಾಣ ಸಚಿವ ಡಾ.ಎಚ್.ಸಿ. ಮಹದೇವಪ್ಪನವರ ಹುಟ್ಟುಹಬ್ಬವನ್ನು ಕಾಂಗ್ರೆಸ್ ಕಾರ್ಯಕರ್ತರು ಕೇಕ್ ಕತ್ತರಿಸಿ ಸಂಭ್ರಮದಿಂದ ಆಚರಿಸಿದರು. ಈ ಸಂದರ್ಭದಲ್ಲಿ ಮಾತನಾಡಿದ ಮುಖಂಡರು, ಮಹದೇವಪ್ಪನವರು ಜನಪರ ಕೆಲಸಗಳ ಮೂಲಕ ಜನಮನ್ನಣೆ ಗಳಿಸಿದ್ದಾರೆ. ಕ್ಷೇತ್ರದ ಅಭಿವೃದ್ಧಿಗೆ ಸಾಕಷ್ಟು ಅನುದಾನ ತಂದಿದ್ದಾರೆ. ಅವರಿಗೆ ಭಗವಂತ ಆಯುರಾರೋಗ್ಯ ನೀಡಲಿ ಎಂದು ಹಾರೈಸಿದರು. ಬಳಿಕ ಸಾರ್ವಜನಿಕರಿಗೆ ಸಿಹಿ ವಿತರಿಸಲಾಯಿತು. ಪುರಸಭೆ ಸದಸ್ಯರು, ಕಾಂಗ್ರೆಸ್ ಮುಖಂಡರು ಹಾಗೂ ಕಾರ್ಯಕರ್ತರು ಉಪಸ್ಥಿತರಿದ್ದರು.
ಕಾರ್ಯಕರ್ತರು ಉಪಸ್ಥಿತರಿದ್ದರು. ಪುರಸಭೆ ಸದಸ್ಯರು, ಮುಖಂಡರು ಸಿಹಿ ವಿತರಿಸಿ ಸಂಭ್ರಮಿಸಿದರು.
